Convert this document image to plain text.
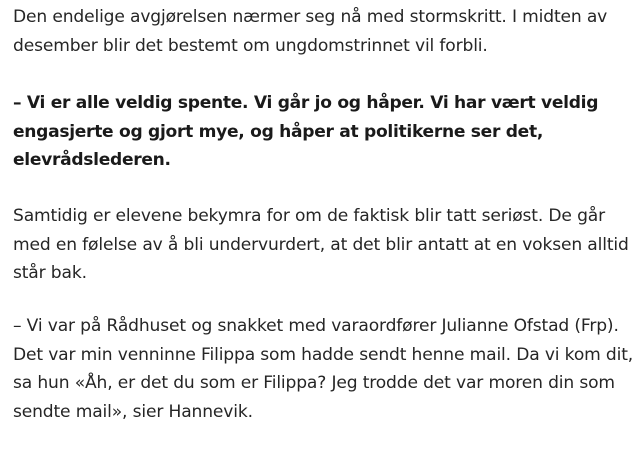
Den endelige avgjørelsen nærmer seg nå med stormskritt. I midten av
desember blir det bestemt om ungdomstrinnet vil forbli.

– Vi er alle veldig spente. Vi går jo og håper. Vi har vært veldig
engasjerte og gjort mye, og håper at politikerne ser det,
elevrådslederen.

Samtidig er elevene bekymra for om de faktisk blir tatt seriøst. De går
med en følelse av å bli undervurdert, at det blir antatt at en voksen alltid
står bak.

– Vi var på Rådhuset og snakket med varaordfører Julianne Ofstad (Frp).
Det var min venninne Filippa som hadde sendt henne mail. Da vi kom dit,
sa hun «Åh, er det du som er Filippa? Jeg trodde det var moren din som
sendte mail», sier Hannevik.
